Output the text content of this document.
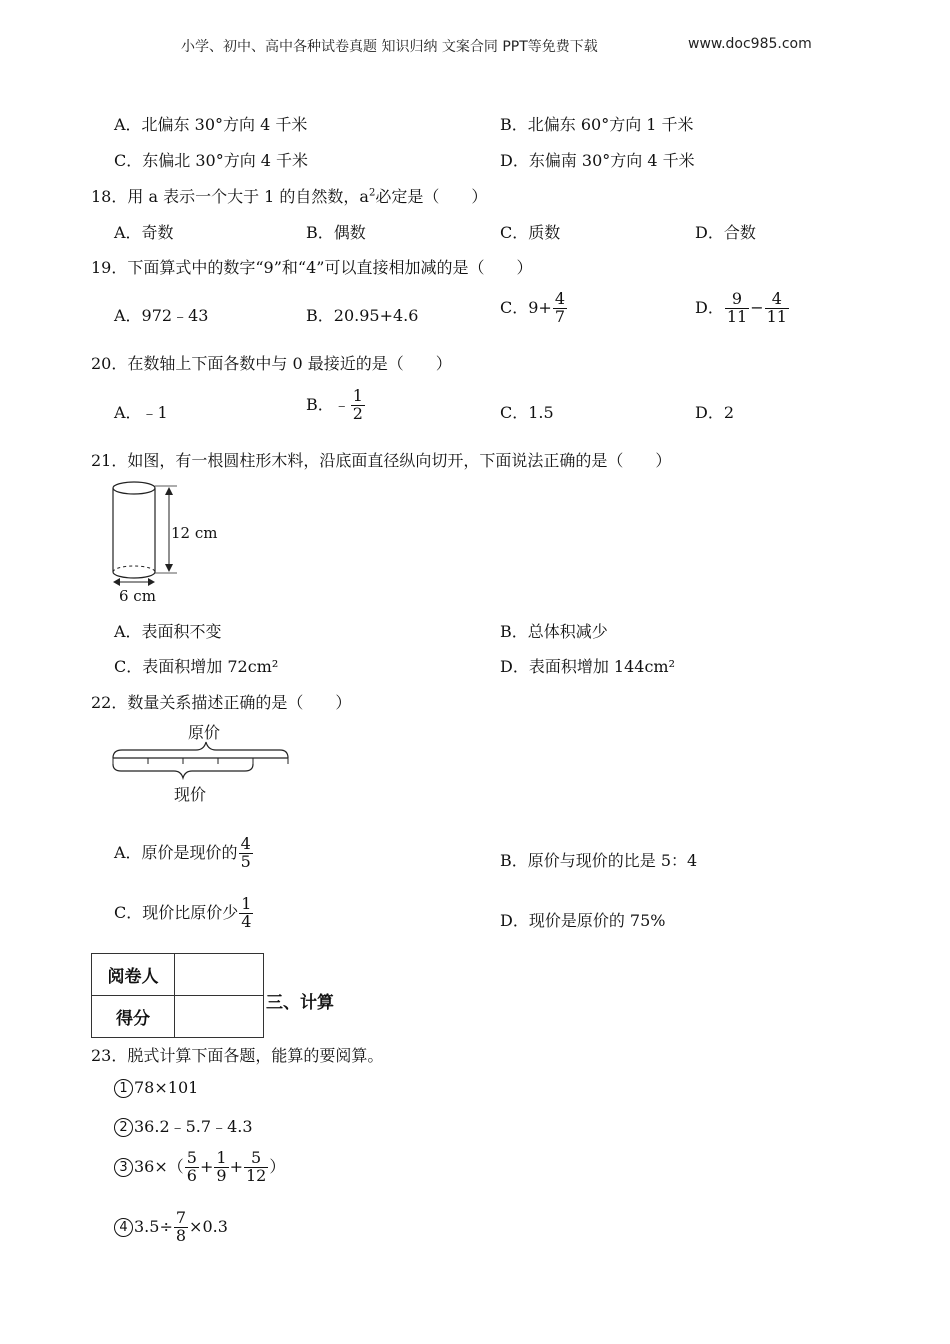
小学、初中、高中各种试卷真题 知识归纳 文案合同 PPT等免费下载	www.doc985.com
A．北偏东 30°方向 4 千米	B．北偏东 60°方向 1 千米
C．东偏北 30°方向 4 千米	D．东偏南 30°方向 4 千米
18．用 a 表示一个大于 1 的自然数，$a^2$必定是（　　）
A．奇数	B．偶数	C．质数	D．合数
19．下面算式中的数字“9”和“4”可以直接相加减的是（　　）
A．972﹣43	B．20.95+4.6	C．$9+ \frac{4}{7}$	D． $\frac{9}{11} - \frac{4}{11}$
20．在数轴上下面各数中与 0 最接近的是（　　）
A．﹣1	B．﹣ $\frac{1}{2}$	C．1.5	D．2
21．如图，有一根圆柱形木料，沿底面直径纵向切开，下面说法正确的是（　　）
12 cm
6 cm
A．表面积不变	B．总体积减少
C．表面积增加 72cm²	D．表面积增加 144cm²
22．数量关系描述正确的是（　　）
原价
现价
A．原价是现价的 $\frac{4}{5}$	B．原价与现价的比是 5：4
C．现价比原价少 $\frac{1}{4}$	D．现价是原价的 75%
阅卷人	
得分	
三、计算
23．脱式计算下面各题，能算的要阅算。
1 78×101
2 36.2﹣5.7﹣4.3
3 $36\times( \frac{5}{6} + \frac{1}{9} + \frac{5}{12}$ ）
4 $3.5\div \frac{7}{8} \times 0.3$
